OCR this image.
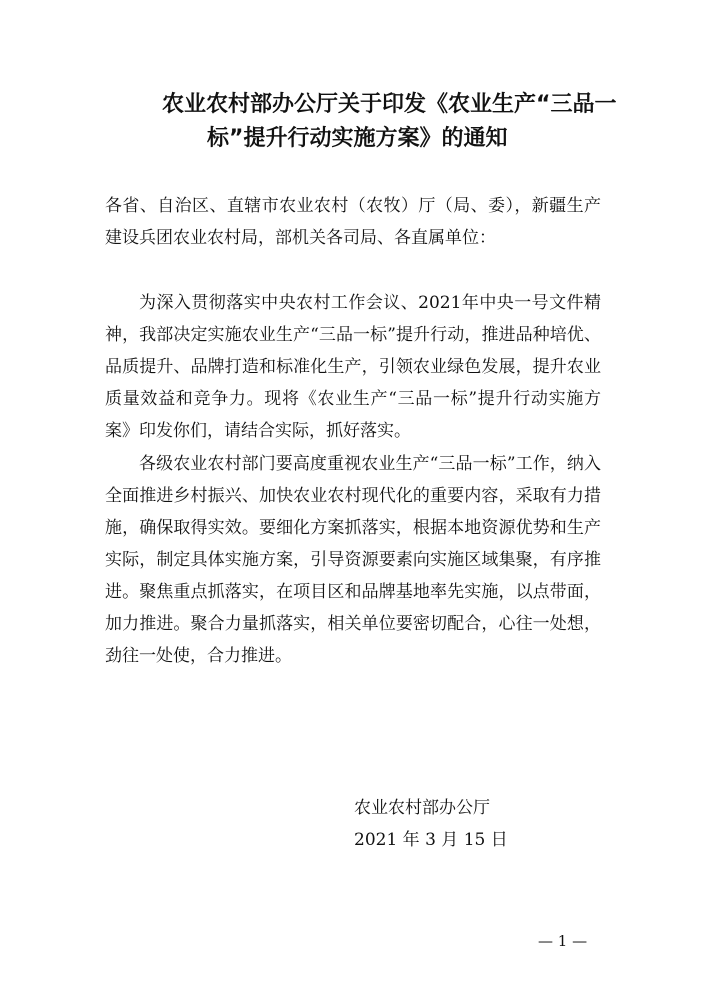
农业农村部办公厅关于印发《农业生产“三品一
标”提升行动实施方案》的通知

各省、自治区、直辖市农业农村（农牧）厅（局、委），新疆生产建设兵团农业农村局，部机关各司局、各直属单位：

为深入贯彻落实中央农村工作会议、2021年中央一号文件精神，我部决定实施农业生产“三品一标”提升行动，推进品种培优、品质提升、品牌打造和标准化生产，引领农业绿色发展，提升农业质量效益和竞争力。现将《农业生产“三品一标”提升行动实施方案》印发你们，请结合实际，抓好落实。

各级农业农村部门要高度重视农业生产“三品一标”工作，纳入全面推进乡村振兴、加快农业农村现代化的重要内容，采取有力措施，确保取得实效。要细化方案抓落实，根据本地资源优势和生产实际，制定具体实施方案，引导资源要素向实施区域集聚，有序推进。聚焦重点抓落实，在项目区和品牌基地率先实施，以点带面，加力推进。聚合力量抓落实，相关单位要密切配合，心往一处想，劲往一处使，合力推进。

农业农村部办公厅
2021 年 3 月 15 日
— 1 —
